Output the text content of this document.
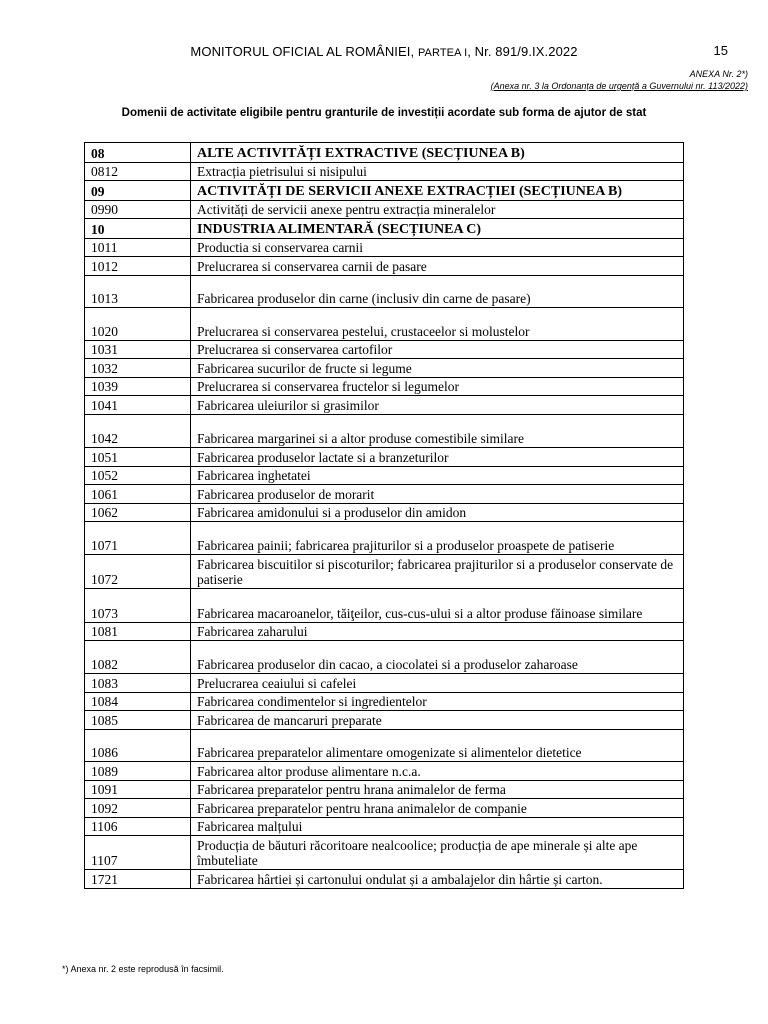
MONITORUL OFICIAL AL ROMÂNIEI, PARTEA I, Nr. 891/9.IX.2022	15
ANEXA Nr. 2*)
(Anexa nr. 3 la Ordonanța de urgență a Guvernului nr. 113/2022)
Domenii de activitate eligibile pentru granturile de investiții acordate sub forma de ajutor de stat
08	ALTE ACTIVITĂȚI EXTRACTIVE (SECȚIUNEA B)
0812	Extracția pietrisului si nisipului
09	ACTIVITĂȚI DE SERVICII ANEXE EXTRACȚIEI (SECȚIUNEA B)
0990	Activități de servicii anexe pentru extracția mineralelor
10	INDUSTRIA ALIMENTARĂ (SECȚIUNEA C)
1011	Productia si conservarea carnii
1012	Prelucrarea si conservarea carnii de pasare
1013	Fabricarea produselor din carne (inclusiv din carne de pasare)
1020	Prelucrarea si conservarea pestelui, crustaceelor si molustelor
1031	Prelucrarea si conservarea cartofilor
1032	Fabricarea sucurilor de fructe si legume
1039	Prelucrarea si conservarea fructelor si legumelor
1041	Fabricarea uleiurilor si grasimilor
1042	Fabricarea margarinei si a altor produse comestibile similare
1051	Fabricarea produselor lactate si a branzeturilor
1052	Fabricarea inghetatei
1061	Fabricarea produselor de morarit
1062	Fabricarea amidonului si a produselor din amidon
1071	Fabricarea painii; fabricarea prajiturilor si a produselor proaspete de patiserie
1072	Fabricarea biscuitilor si piscoturilor; fabricarea prajiturilor si a produselor conservate de patiserie
1073	Fabricarea macaroanelor, tăiţeilor, cus-cus-ului si a altor produse făinoase similare
1081	Fabricarea zaharului
1082	Fabricarea produselor din cacao, a ciocolatei si a produselor zaharoase
1083	Prelucrarea ceaiului si cafelei
1084	Fabricarea condimentelor si ingredientelor
1085	Fabricarea de mancaruri preparate
1086	Fabricarea preparatelor alimentare omogenizate si alimentelor dietetice
1089	Fabricarea altor produse alimentare n.c.a.
1091	Fabricarea preparatelor pentru hrana animalelor de ferma
1092	Fabricarea preparatelor pentru hrana animalelor de companie
1106	Fabricarea malțului
1107	Producția de băuturi răcoritoare nealcoolice; producția de ape minerale și alte ape îmbuteliate
1721	Fabricarea hârtiei și cartonului ondulat și a ambalajelor din hârtie și carton.
*) Anexa nr. 2 este reprodusă în facsimil.
